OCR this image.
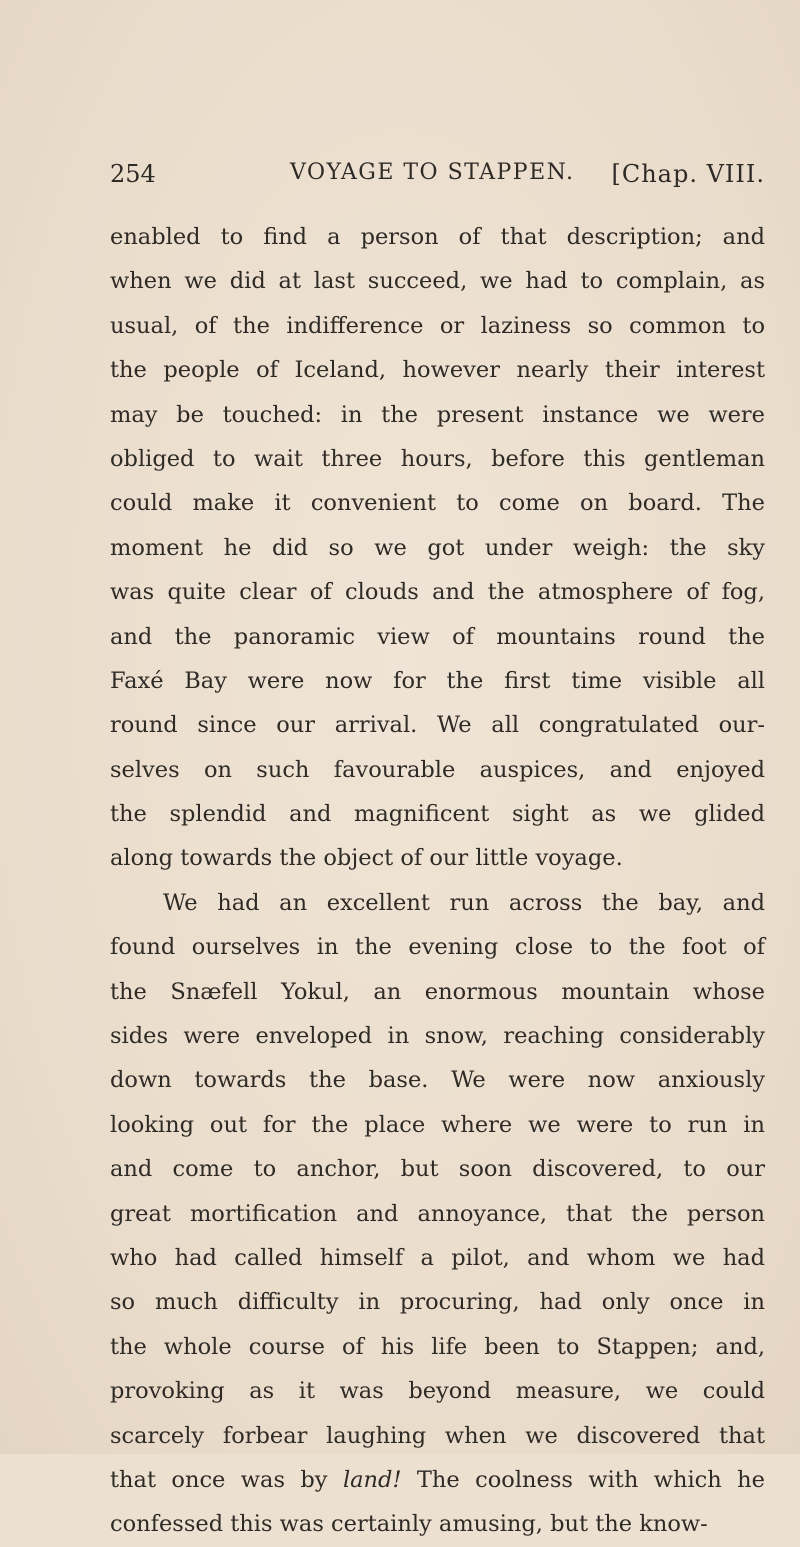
254	VOYAGE TO STAPPEN. [Chap. VIII.
enabled to find a person of that description; and
when we did at last succeed, we had to complain, as
usual, of the indifference or laziness so common to
the people of Iceland, however nearly their interest
may be touched: in the present instance we were
obliged to wait three hours, before this gentleman
could make it convenient to come on board. The
moment he did so we got under weigh: the sky
was quite clear of clouds and the atmosphere of fog,
and the panoramic view of mountains round the
Faxé Bay were now for the first time visible all
round since our arrival. We all congratulated our-
selves on such favourable auspices, and enjoyed
the splendid and magnificent sight as we glided
along towards the object of our little voyage.
We had an excellent run across the bay, and
found ourselves in the evening close to the foot of
the Snæfell Yokul, an enormous mountain whose
sides were enveloped in snow, reaching considerably
down towards the base. We were now anxiously
looking out for the place where we were to run in
and come to anchor, but soon discovered, to our
great mortification and annoyance, that the person
who had called himself a pilot, and whom we had
so much difficulty in procuring, had only once in
the whole course of his life been to Stappen; and,
provoking as it was beyond measure, we could
scarcely forbear laughing when we discovered that
that once was by land! The coolness with which he
confessed this was certainly amusing, but the know-
